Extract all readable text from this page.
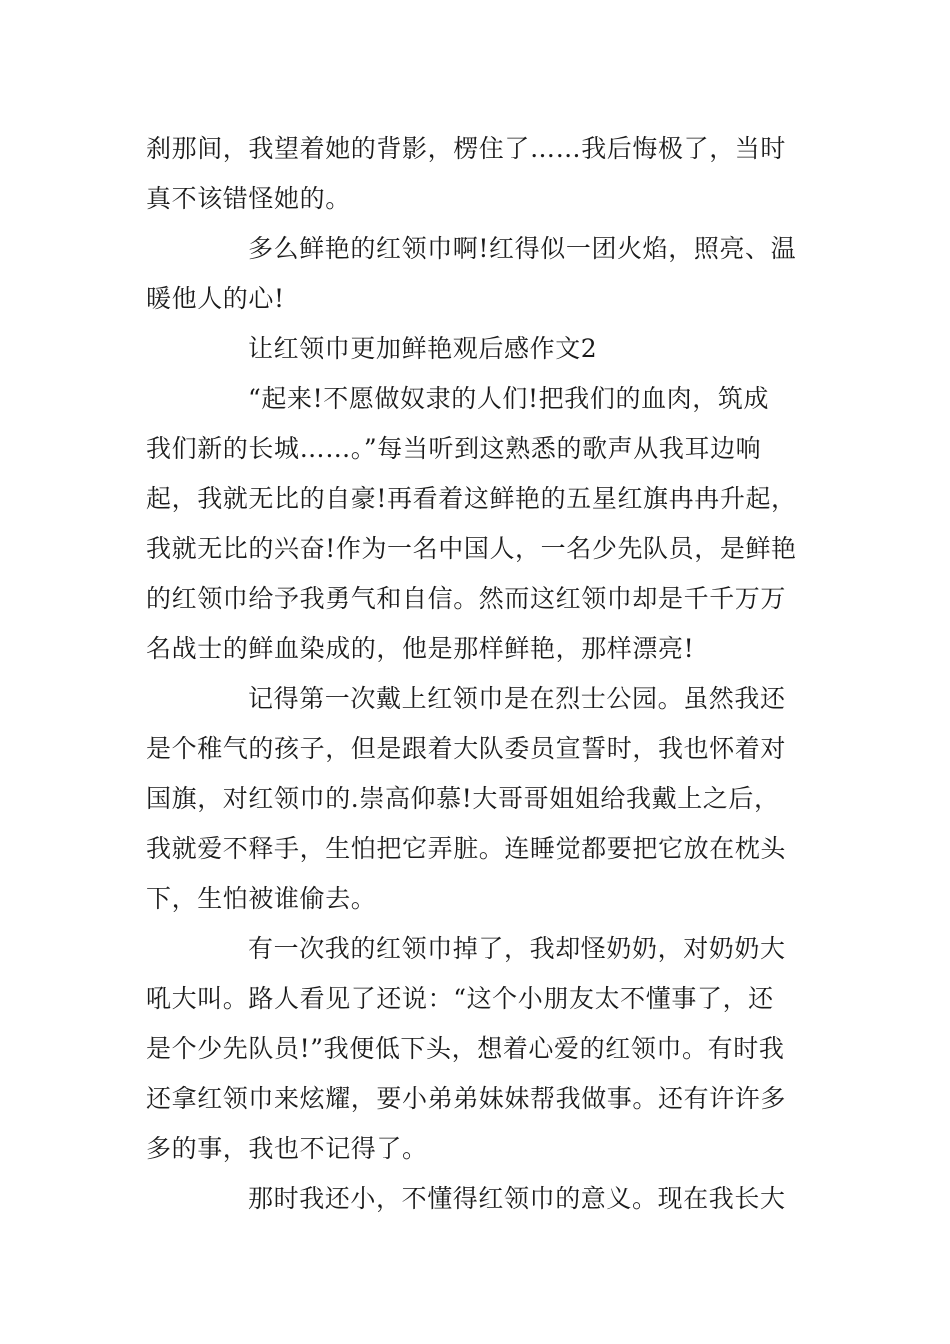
刹那间，我望着她的背影，楞住了……我后悔极了，当时
真不该错怪她的。
多么鲜艳的红领巾啊!红得似一团火焰，照亮、温
暖他人的心!
让红领巾更加鲜艳观后感作文2
“起来!不愿做奴隶的人们!把我们的血肉，筑成
我们新的长城……。”每当听到这熟悉的歌声从我耳边响
起，我就无比的自豪!再看着这鲜艳的五星红旗冉冉升起，
我就无比的兴奋!作为一名中国人，一名少先队员，是鲜艳
的红领巾给予我勇气和自信。然而这红领巾却是千千万万
名战士的鲜血染成的，他是那样鲜艳，那样漂亮!
记得第一次戴上红领巾是在烈士公园。虽然我还
是个稚气的孩子，但是跟着大队委员宣誓时，我也怀着对
国旗，对红领巾的.崇高仰慕!大哥哥姐姐给我戴上之后，
我就爱不释手，生怕把它弄脏。连睡觉都要把它放在枕头
下，生怕被谁偷去。
有一次我的红领巾掉了，我却怪奶奶，对奶奶大
吼大叫。路人看见了还说：“这个小朋友太不懂事了，还
是个少先队员!”我便低下头，想着心爱的红领巾。有时我
还拿红领巾来炫耀，要小弟弟妹妹帮我做事。还有许许多
多的事，我也不记得了。
那时我还小，不懂得红领巾的意义。现在我长大
